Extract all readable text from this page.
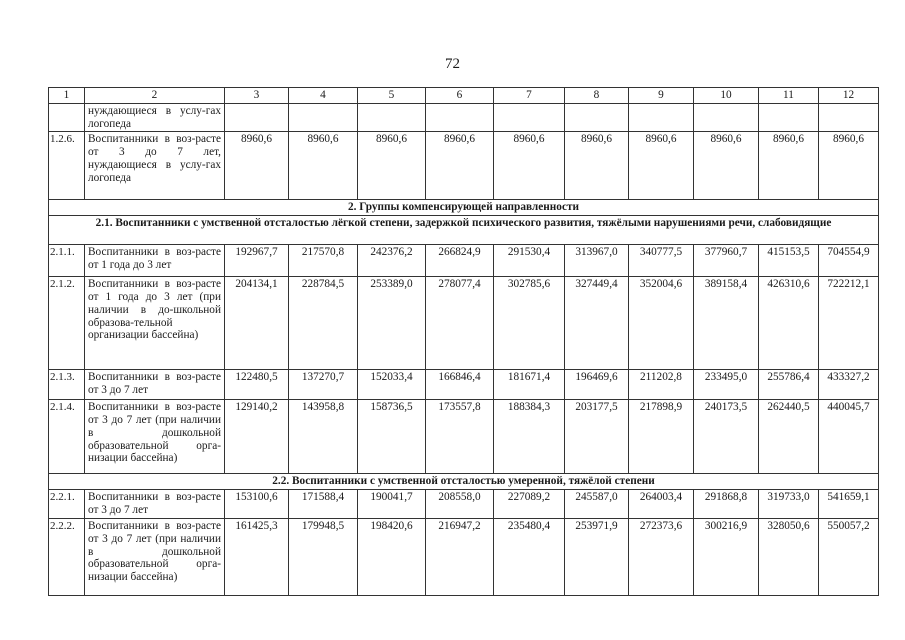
72
1	2	3	4	5	6	7	8	9	10	11	12
	нуждающиеся в услу-гах логопеда										
1.2.6.	Воспитанники в воз-расте от 3 до 7 лет, нуждающиеся в услу-гах логопеда	8960,6	8960,6	8960,6	8960,6	8960,6	8960,6	8960,6	8960,6	8960,6	8960,6
2. Группы компенсирующей направленности											
2.1. Воспитанники с умственной отсталостью лёгкой степени, задержкой психического развития, тяжёлыми нарушениями речи, слабовидящие											
2.1.1.	Воспитанники в воз-расте от 1 года до 3 лет	192967,7	217570,8	242376,2	266824,9	291530,4	313967,0	340777,5	377960,7	415153,5	704554,9
2.1.2.	Воспитанники в воз-расте от 1 года до 3 лет (при наличии в до-школьной образова-тельной организации бассейна)	204134,1	228784,5	253389,0	278077,4	302785,6	327449,4	352004,6	389158,4	426310,6	722212,1
2.1.3.	Воспитанники в воз-расте от 3 до 7 лет	122480,5	137270,7	152033,4	166846,4	181671,4	196469,6	211202,8	233495,0	255786,4	433327,2
2.1.4.	Воспитанники в воз-расте от 3 до 7 лет (при наличии в дошкольной образовательной орга-низации бассейна)	129140,2	143958,8	158736,5	173557,8	188384,3	203177,5	217898,9	240173,5	262440,5	440045,7
2.2. Воспитанники с умственной отсталостью умеренной, тяжёлой степени											
2.2.1.	Воспитанники в воз-расте от 3 до 7 лет	153100,6	171588,4	190041,7	208558,0	227089,2	245587,0	264003,4	291868,8	319733,0	541659,1
2.2.2.	Воспитанники в воз-расте от 3 до 7 лет (при наличии в дошкольной образовательной орга-низации бассейна)	161425,3	179948,5	198420,6	216947,2	235480,4	253971,9	272373,6	300216,9	328050,6	550057,2
